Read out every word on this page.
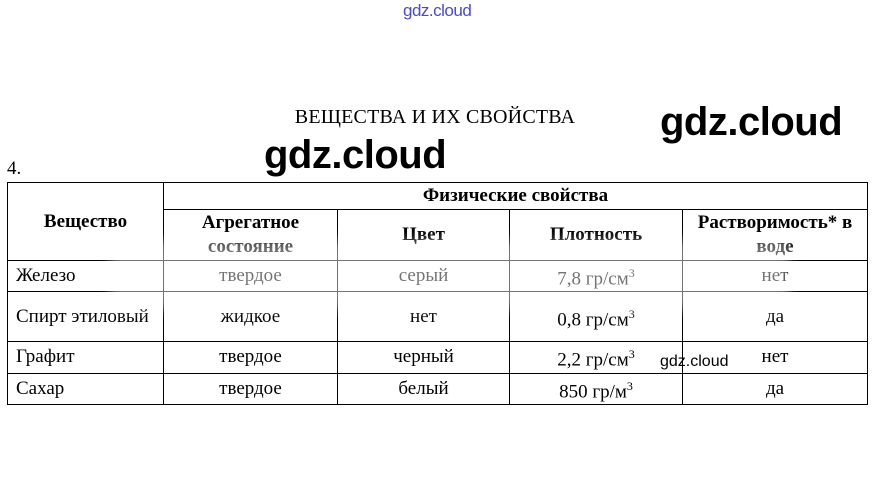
gdz.cloud
ВЕЩЕСТВА И ИХ СВОЙСТВА	gdz.cloud
gdz.cloud
4.
Вещество	Физические свойства			
	Агрегатное состояние	Цвет	Плотность	Растворимость* в воде
Железо	твердое	серый	7,8 $гр/см^3$	нет
Спирт этиловый	жидкое	нет	0,8 $гр/см^3$	да
Графит	твердое	черный	2,2 $гр/см^3$	нет
Сахар	твердое	белый	850 $гр/м^3$	да
gdz.cloud
